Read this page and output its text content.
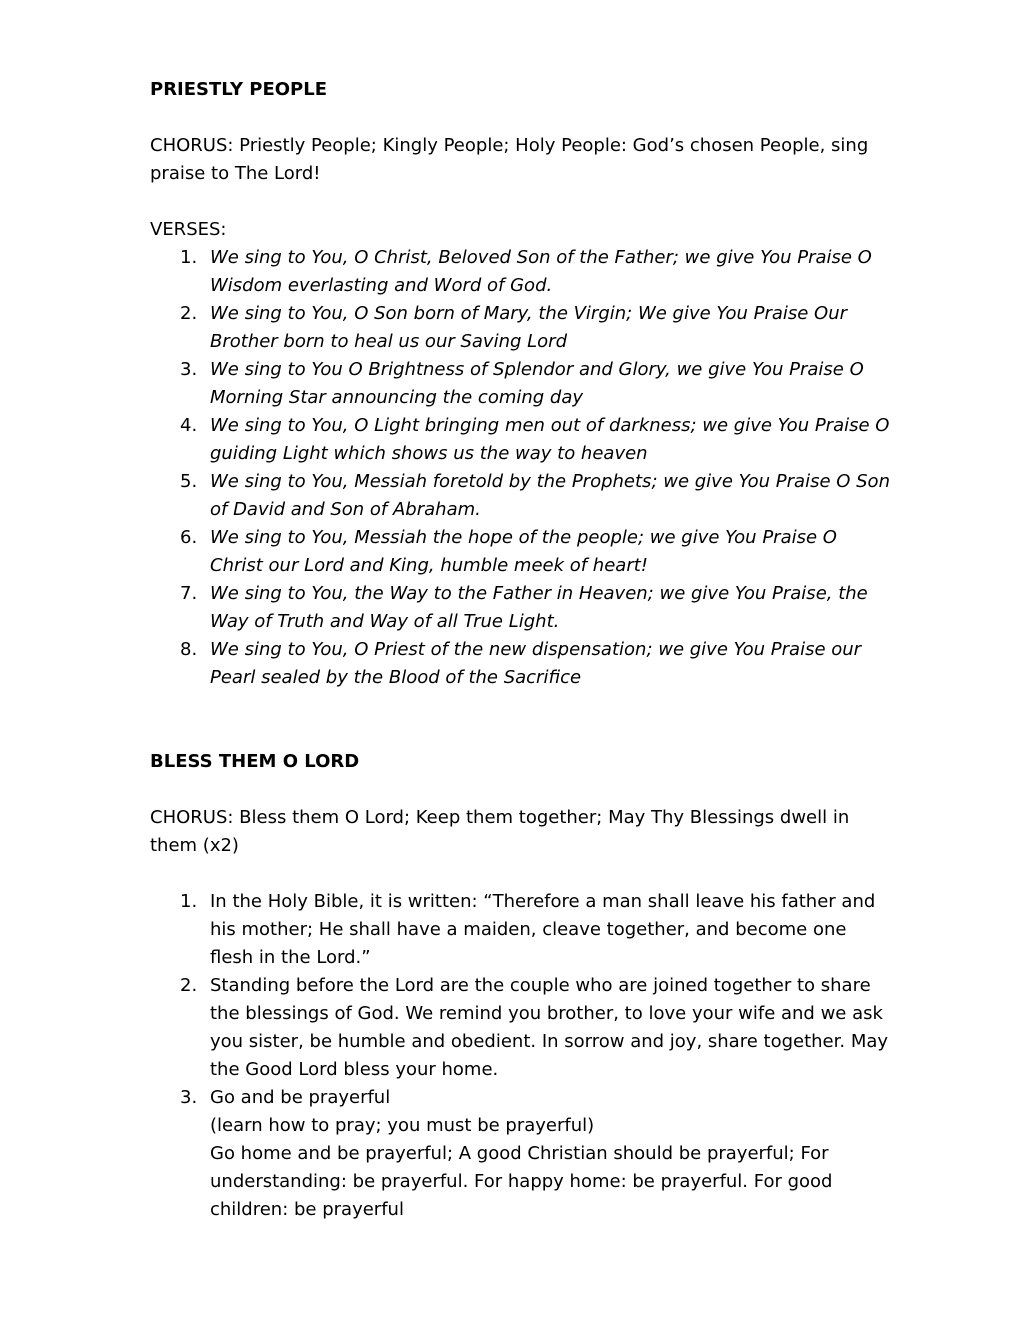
PRIESTLY PEOPLE
CHORUS: Priestly People; Kingly People; Holy People: God’s chosen People, sing praise to The Lord!
VERSES:
1. We sing to You, O Christ, Beloved Son of the Father; we give You Praise O Wisdom everlasting and Word of God.
2. We sing to You, O Son born of Mary, the Virgin; We give You Praise Our Brother born to heal us our Saving Lord
3. We sing to You O Brightness of Splendor and Glory, we give You Praise O Morning Star announcing the coming day
4. We sing to You, O Light bringing men out of darkness; we give You Praise O guiding Light which shows us the way to heaven
5. We sing to You, Messiah foretold by the Prophets; we give You Praise O Son of David and Son of Abraham.
6. We sing to You, Messiah the hope of the people; we give You Praise O Christ our Lord and King, humble meek of heart!
7. We sing to You, the Way to the Father in Heaven; we give You Praise, the Way of Truth and Way of all True Light.
8. We sing to You, O Priest of the new dispensation; we give You Praise our Pearl sealed by the Blood of the Sacrifice
BLESS THEM O LORD
CHORUS: Bless them O Lord; Keep them together; May Thy Blessings dwell in them (x2)
1. In the Holy Bible, it is written: “Therefore a man shall leave his father and his mother; He shall have a maiden, cleave together, and become one flesh in the Lord.”
2. Standing before the Lord are the couple who are joined together to share the blessings of God. We remind you brother, to love your wife and we ask you sister, be humble and obedient. In sorrow and joy, share together. May the Good Lord bless your home.
3. Go and be prayerful
(learn how to pray; you must be prayerful)
Go home and be prayerful; A good Christian should be prayerful; For understanding: be prayerful. For happy home: be prayerful. For good children: be prayerful
